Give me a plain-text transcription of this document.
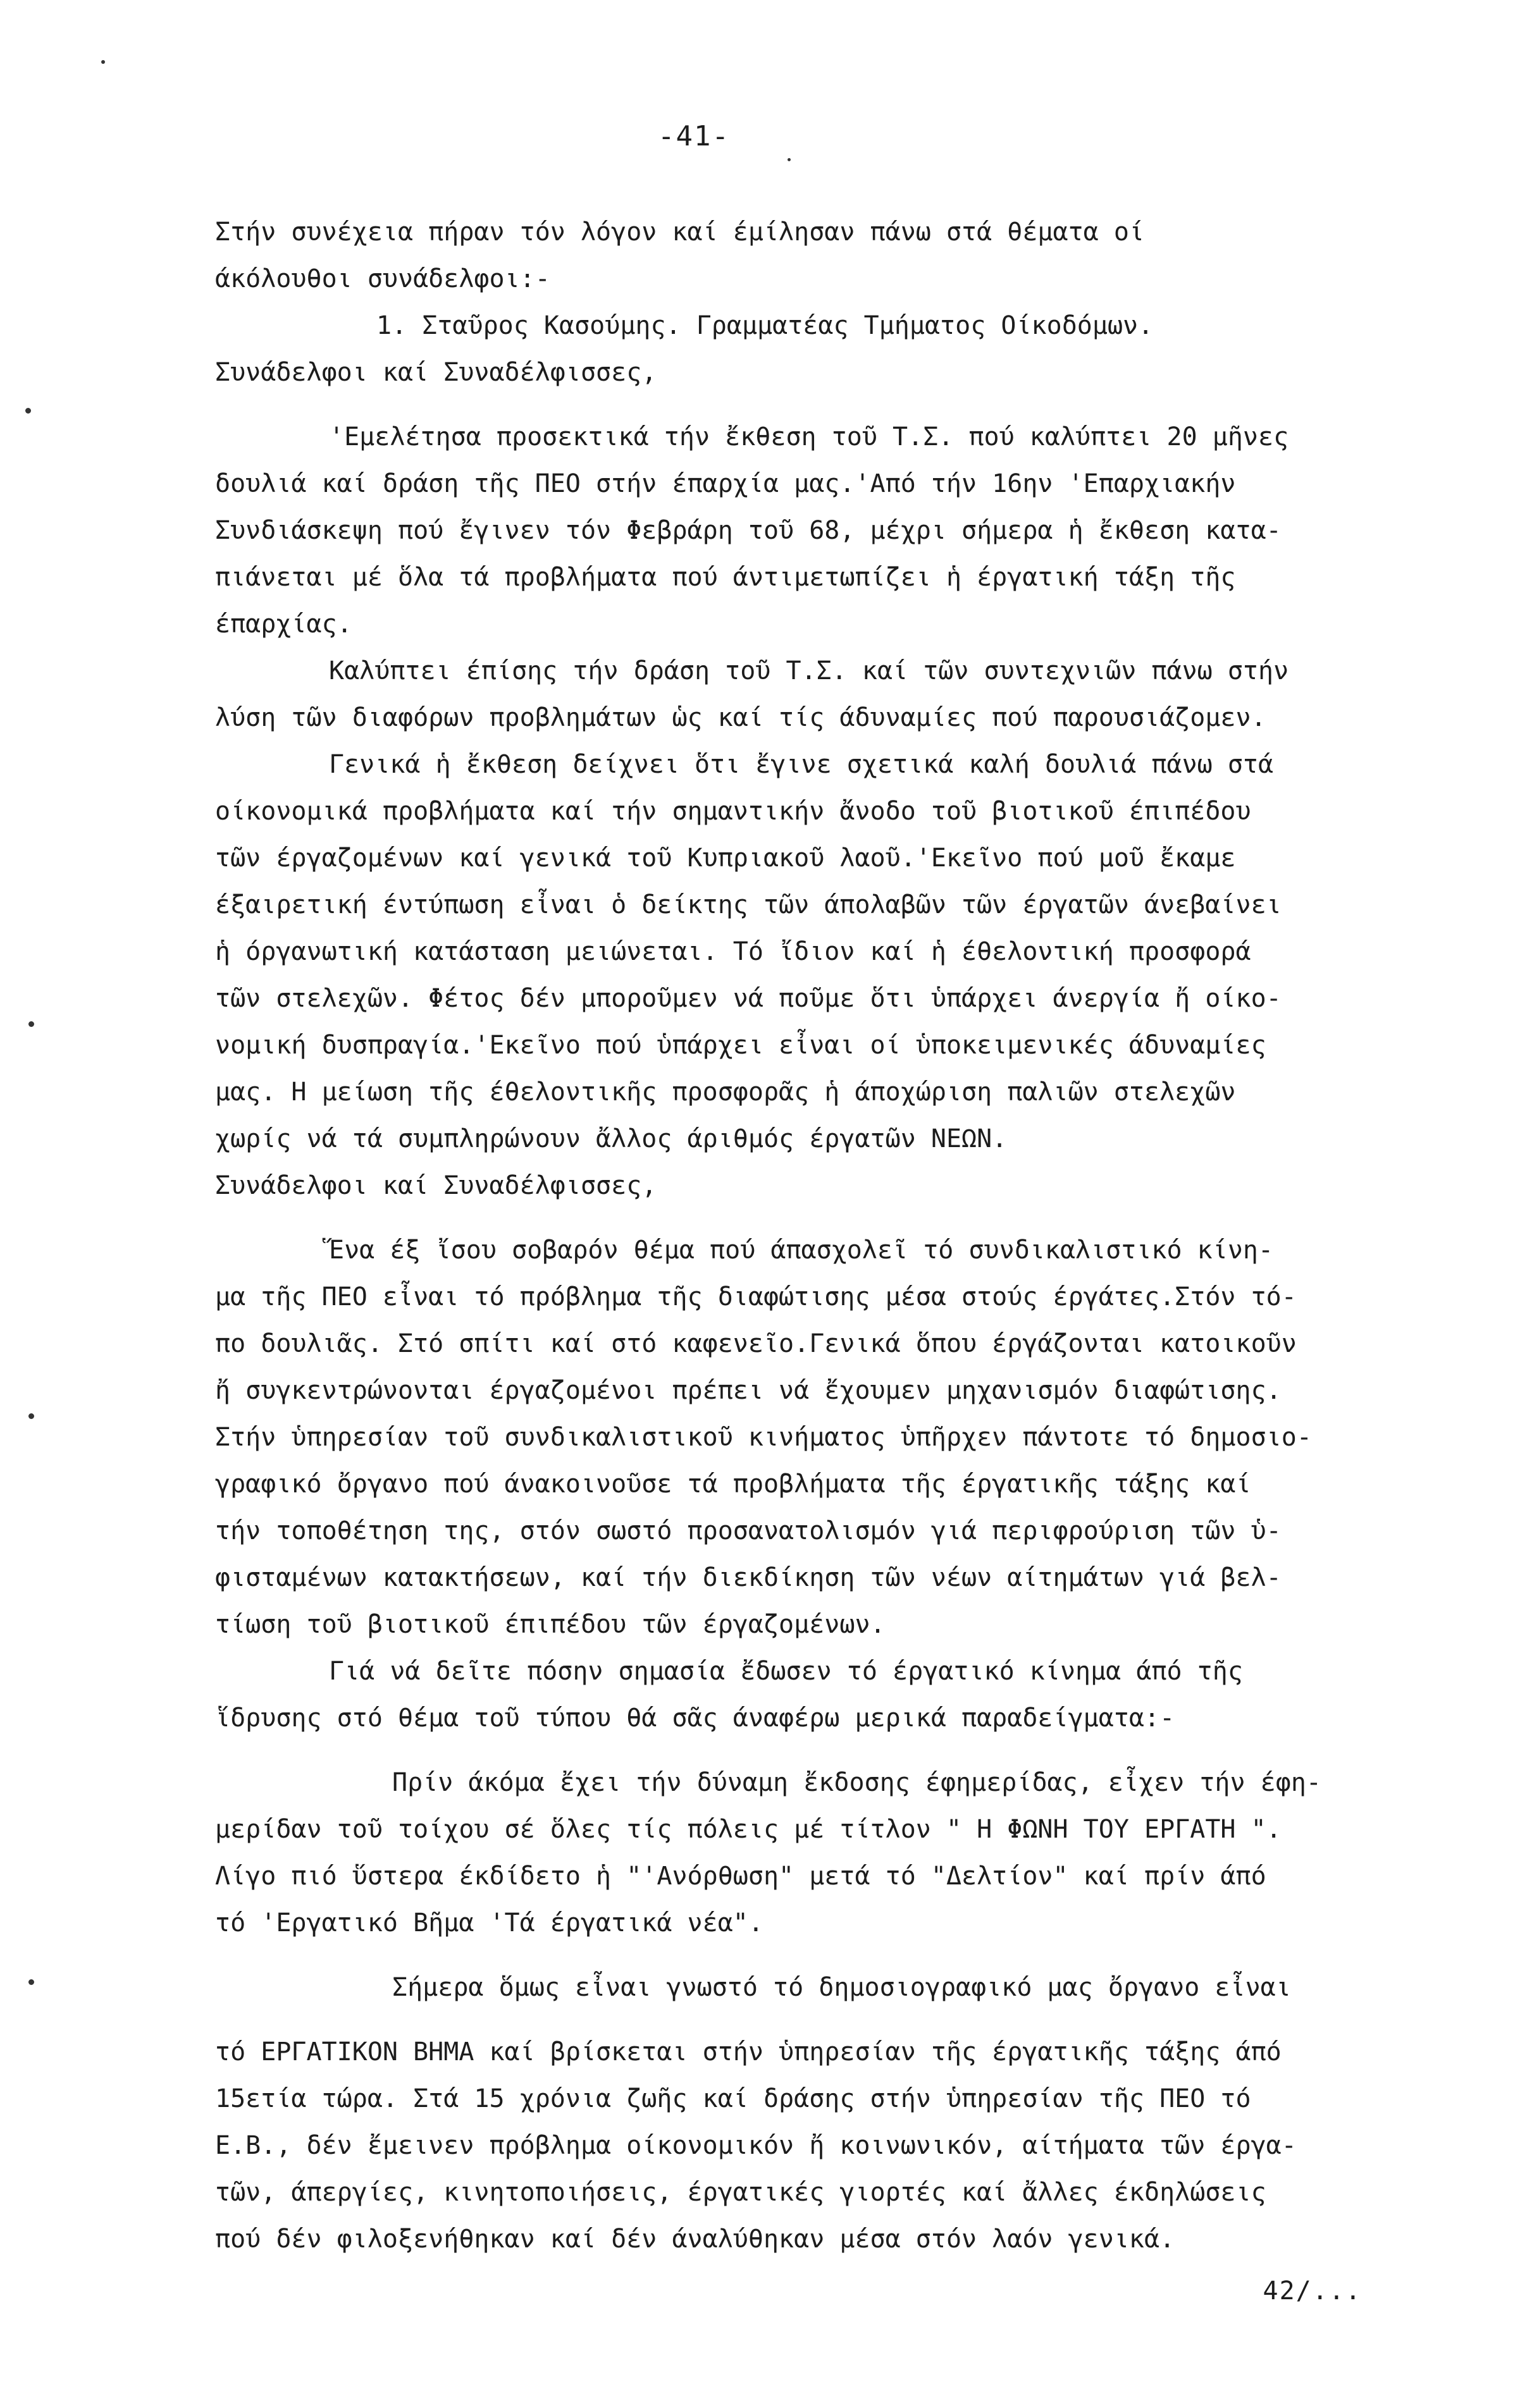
-41-
Στήν συνέχεια πήραν τόν λόγον καί έμίλησαν πάνω στά θέματα οί
άκόλουθοι συνάδελφοι:-
1. Σταῦρος Κασούμης. Γραμματέας Τμήματος Οίκοδόμων.
Συνάδελφοι καί Συναδέλφισσες,
'Εμελέτησα προσεκτικά τήν ἔκθεση τοῦ Τ.Σ. πού καλύπτει 20 μῆνες
δουλιά καί δράση τῆς ΠΕΟ στήν έπαρχία μας.'Από τήν 16ην 'Επαρχιακήν
Συνδιάσκεψη πού ἔγινεν τόν Φεβράρη τοῦ 68, μέχρι σήμερα ἡ ἔκθεση κατα-
πιάνεται μέ ὅλα τά προβλήματα πού άντιμετωπίζει ἡ έργατική τάξη τῆς
έπαρχίας.
Καλύπτει έπίσης τήν δράση τοῦ Τ.Σ. καί τῶν συντεχνιῶν πάνω στήν
λύση τῶν διαφόρων προβλημάτων ὡς καί τίς άδυναμίες πού παρουσιάζομεν.
Γενικά ἡ ἔκθεση δείχνει ὅτι ἔγινε σχετικά καλή δουλιά πάνω στά
οίκονομικά προβλήματα καί τήν σημαντικήν ἄνοδο τοῦ βιοτικοῦ έπιπέδου
τῶν έργαζομένων καί γενικά τοῦ Κυπριακοῦ λαοῦ.'Εκεῖνο πού μοῦ ἔκαμε
έξαιρετική έντύπωση εἶναι ὁ δείκτης τῶν άπολαβῶν τῶν έργατῶν άνεβαίνει
ἡ όργανωτική κατάσταση μειώνεται. Τό ἴδιον καί ἡ έθελοντική προσφορά
τῶν στελεχῶν. Φέτος δέν μποροῦμεν νά ποῦμε ὅτι ὑπάρχει άνεργία ἤ οίκο-
νομική δυσπραγία.'Εκεῖνο πού ὑπάρχει εἶναι οί ὑποκειμενικές άδυναμίες
μας. Η μείωση τῆς έθελοντικῆς προσφορᾶς ἡ άποχώριση παλιῶν στελεχῶν
χωρίς νά τά συμπληρώνουν ἄλλος άριθμός έργατῶν ΝΕΩΝ.
Συνάδελφοι καί Συναδέλφισσες,
Ἕνα έξ ἴσου σοβαρόν θέμα πού άπασχολεῖ τό συνδικαλιστικό κίνη-
μα τῆς ΠΕΟ εἶναι τό πρόβλημα τῆς διαφώτισης μέσα στούς έργάτες.Στόν τό-
πο δουλιᾶς. Στό σπίτι καί στό καφενεῖο.Γενικά ὅπου έργάζονται κατοικοῦν
ἤ συγκεντρώνονται έργαζομένοι πρέπει νά ἔχουμεν μηχανισμόν διαφώτισης.
Στήν ὑπηρεσίαν τοῦ συνδικαλιστικοῦ κινήματος ὑπῆρχεν πάντοτε τό δημοσιο-
γραφικό ὄργανο πού άνακοινοῦσε τά προβλήματα τῆς έργατικῆς τάξης καί
τήν τοποθέτηση της, στόν σωστό προσανατολισμόν γιά περιφρούριση τῶν ὑ-
φισταμένων κατακτήσεων, καί τήν διεκδίκηση τῶν νέων αίτημάτων γιά βελ-
τίωση τοῦ βιοτικοῦ έπιπέδου τῶν έργαζομένων.
Γιά νά δεῖτε πόσην σημασία ἔδωσεν τό έργατικό κίνημα άπό τῆς
ἵδρυσης στό θέμα τοῦ τύπου θά σᾶς άναφέρω μερικά παραδείγματα:-
Πρίν άκόμα ἔχει τήν δύναμη ἔκδοσης έφημερίδας, εἶχεν τήν έφη-
μερίδαν τοῦ τοίχου σέ ὅλες τίς πόλεις μέ τίτλον " Η ΦΩΝΗ ΤΟΥ ΕΡΓΑΤΗ ".
Λίγο πιό ὕστερα έκδίδετο ἡ "'Ανόρθωση" μετά τό "Δελτίον" καί πρίν άπό
τό 'Εργατικό Βῆμα 'Τά έργατικά νέα".
Σήμερα ὅμως εἶναι γνωστό τό δημοσιογραφικό μας ὄργανο εἶναι
τό ΕΡΓΑΤΙΚΟΝ ΒΗΜΑ καί βρίσκεται στήν ὑπηρεσίαν τῆς έργατικῆς τάξης άπό
15ετία τώρα. Στά 15 χρόνια ζωῆς καί δράσης στήν ὑπηρεσίαν τῆς ΠΕΟ τό
Ε.Β., δέν ἔμεινεν πρόβλημα οίκονομικόν ἤ κοινωνικόν, αίτήματα τῶν έργα-
τῶν, άπεργίες, κινητοποιήσεις, έργατικές γιορτές καί ἄλλες έκδηλώσεις
πού δέν φιλοξενήθηκαν καί δέν άναλύθηκαν μέσα στόν λαόν γενικά.
42/...
